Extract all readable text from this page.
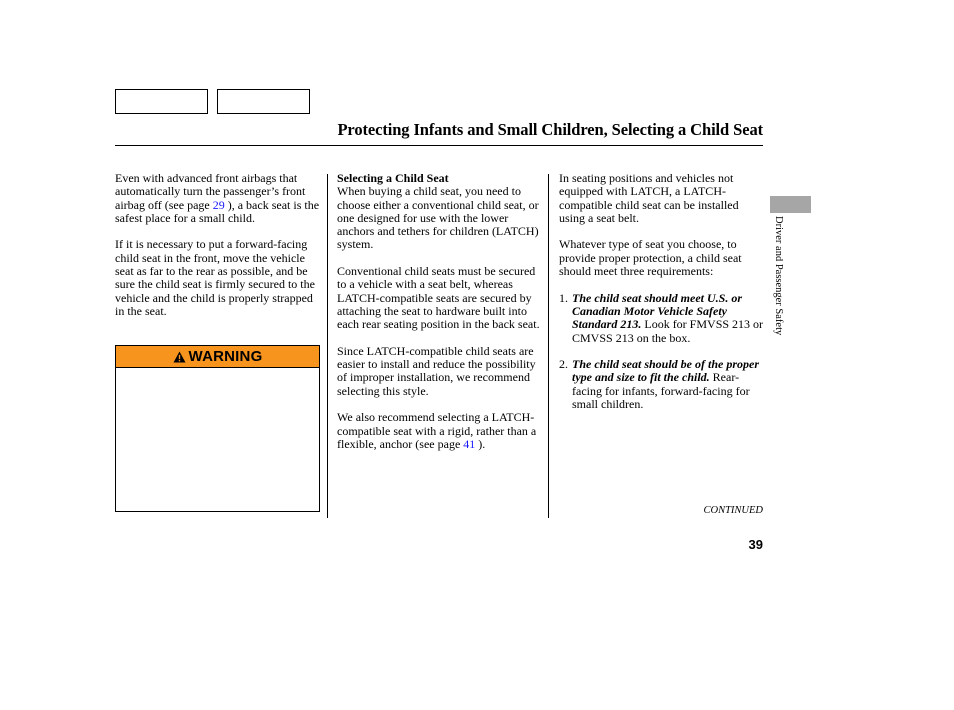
Protecting Infants and Small Children, Selecting a Child Seat

Even with advanced front airbags that automatically turn the passenger’s front airbag off (see page 29 ), a back seat is the safest place for a small child.

If it is necessary to put a forward-facing child seat in the front, move the vehicle seat as far to the rear as possible, and be sure the child seat is firmly secured to the vehicle and the child is properly strapped in the seat.

WARNING
Selecting a Child Seat

When buying a child seat, you need to choose either a conventional child seat, or one designed for use with the lower anchors and tethers for children (LATCH) system.

Conventional child seats must be secured to a vehicle with a seat belt, whereas LATCH-compatible seats are secured by attaching the seat to hardware built into each rear seating position in the back seat.

Since LATCH-compatible child seats are easier to install and reduce the possibility of improper installation, we recommend selecting this style.

We also recommend selecting a LATCH-compatible seat with a rigid, rather than a flexible, anchor (see page 41 ).

In seating positions and vehicles not equipped with LATCH, a LATCH-compatible child seat can be installed using a seat belt.

Whatever type of seat you choose, to provide proper protection, a child seat should meet three requirements:

1. The child seat should meet U.S. or Canadian Motor Vehicle Safety Standard 213. Look for FMVSS 213 or CMVSS 213 on the box.
2. The child seat should be of the proper type and size to fit the child. Rear-facing for infants, forward-facing for small children.
Driver and Passenger Safety
CONTINUED
39
